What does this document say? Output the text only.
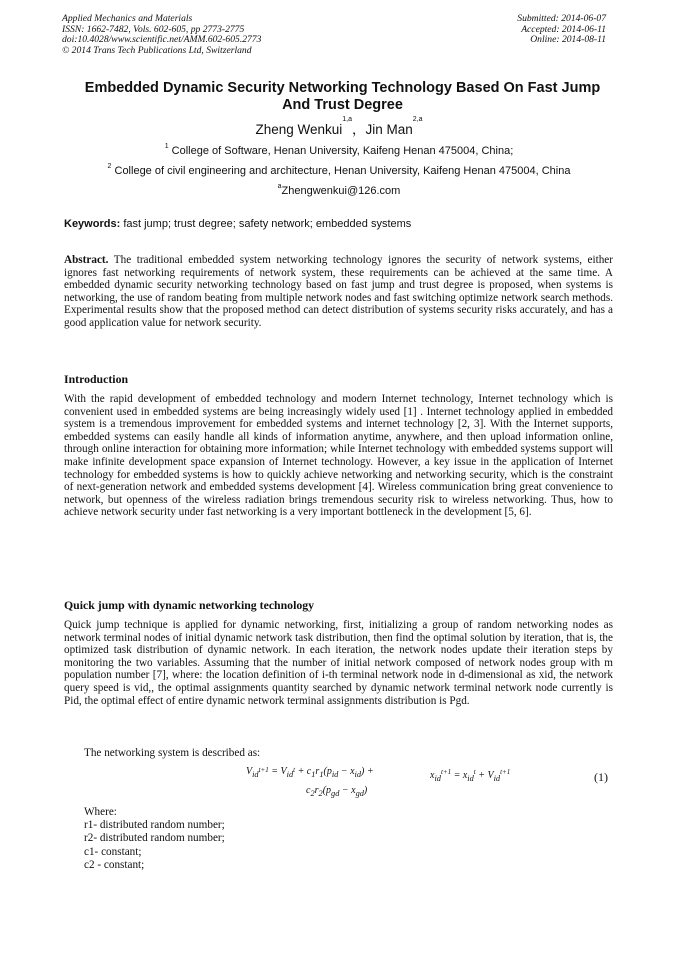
Applied Mechanics and Materials
ISSN: 1662-7482, Vols. 602-605, pp 2773-2775
doi:10.4028/www.scientific.net/AMM.602-605.2773
© 2014 Trans Tech Publications Ltd, Switzerland
Submitted: 2014-06-07
Accepted: 2014-06-11
Online: 2014-08-11
Embedded Dynamic Security Networking Technology Based On Fast Jump And Trust Degree
Zheng Wenkui$^{1,a}$，Jin Man$^{2,a}$
$^1$ College of Software, Henan University, Kaifeng Henan 475004, China;
$^2$ College of civil engineering and architecture, Henan University, Kaifeng Henan 475004, China
$^a$Zhengwenkui@126.com
Keywords: fast jump; trust degree; safety network; embedded systems
Abstract. The traditional embedded system networking technology ignores the security of network systems, either ignores fast networking requirements of network system, these requirements can be achieved at the same time. A embedded dynamic security networking technology based on fast jump and trust degree is proposed, when systems is networking, the use of random beating from multiple network nodes and fast switching optimize network search methods. Experimental results show that the proposed method can detect distribution of systems security risks accurately, and has a good application value for network security.
Introduction
With the rapid development of embedded technology and modern Internet technology, Internet technology which is convenient used in embedded systems are being increasingly widely used [1] . Internet technology applied in embedded system is a tremendous improvement for embedded systems and internet technology [2, 3]. With the Internet supports, embedded systems can easily handle all kinds of information anytime, anywhere, and then upload information online, through online interaction for obtaining more information; while Internet technology with embedded systems support will make infinite development space expansion of Internet technology. However, a key issue in the application of Internet technology for embedded systems is how to quickly achieve networking and networking security, which is the constraint of next-generation network and embedded systems development [4]. Wireless communication bring great convenience to network, but openness of the wireless radiation brings tremendous security risk to wireless networking. Thus, how to achieve network security under fast networking is a very important bottleneck in the development [5, 6].
Quick jump with dynamic networking technology
Quick jump technique is applied for dynamic networking, first, initializing a group of random networking nodes as network terminal nodes of initial dynamic network task distribution, then find the optimal solution by iteration, that is, the optimized task distribution of dynamic network. In each iteration, the network nodes update their iteration steps by monitoring the two variables. Assuming that the number of initial network composed of network nodes group with m population number [7], where: the location definition of i-th terminal network node in d-dimensional as xid, the network query speed is vid,, the optimal assignments quantity searched by dynamic network terminal network node currently is Pid, the optimal effect of entire dynamic network terminal assignments distribution is Pgd.
The networking system is described as:
$V_{id}^{t+1} = V_{id}^t + c_1r_1(p_{id} - x_{id})$ +
$c_2r_2(p_{gd} - x_{gd})$
$x_{id}^{t+1} = x_{id}^t + V_{id}^{t+1}$	(1)
Where:
r1- distributed random number;
r2- distributed random number;
c1- constant;
c2 - constant;
